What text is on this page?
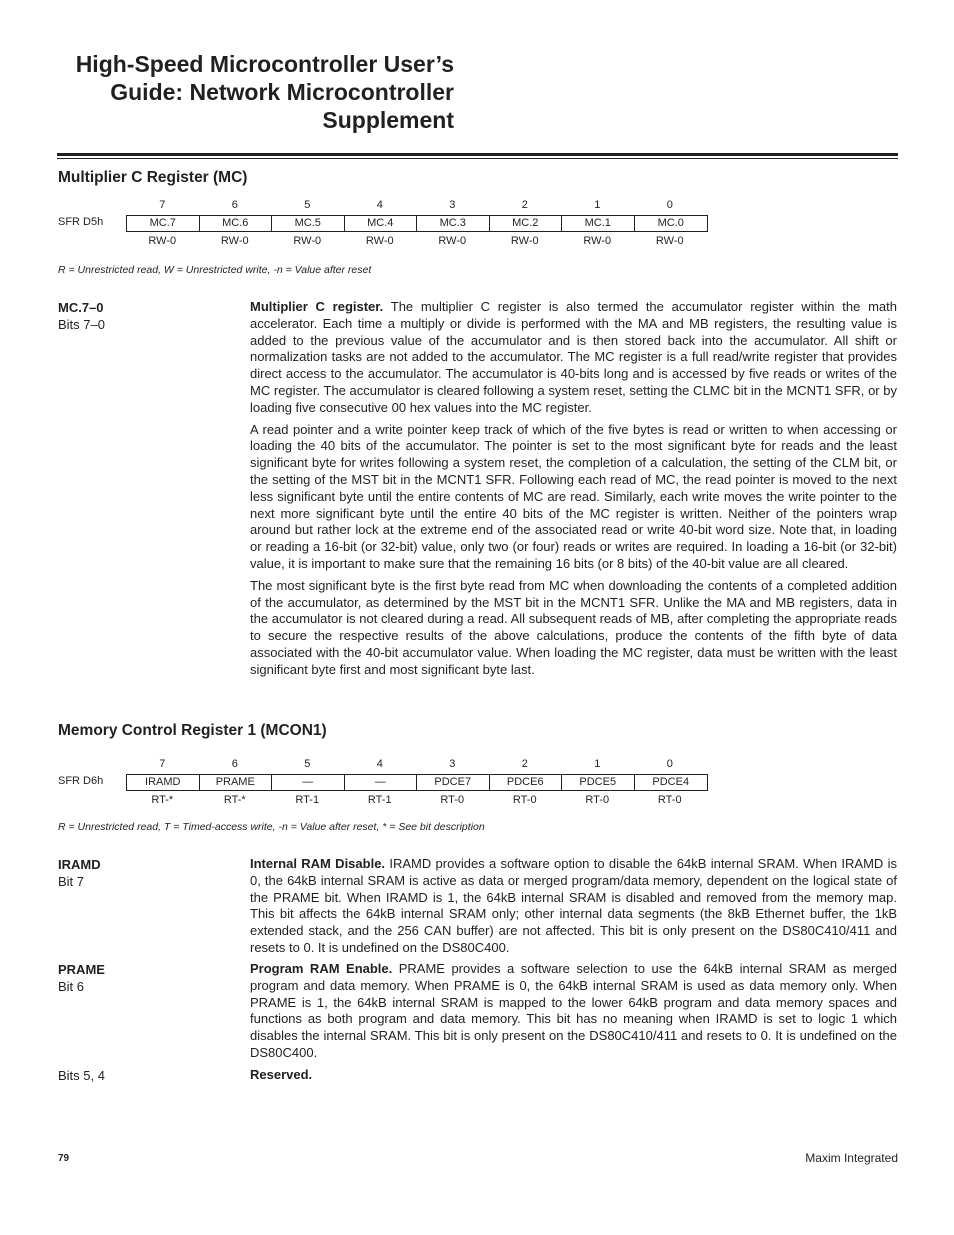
High-Speed Microcontroller User’s
Guide: Network Microcontroller
Supplement
Multiplier C Register (MC)
SFR D5h
7	6	5	4	3	2	1	0
MC.7	MC.6	MC.5	MC.4	MC.3	MC.2	MC.1	MC.0
RW-0	RW-0	RW-0	RW-0	RW-0	RW-0	RW-0	RW-0

R = Unrestricted read, W = Unrestricted write, -n = Value after reset

MC.7–0
Bits 7–0

Multiplier C register. The multiplier C register is also termed the accumulator register within the math accelerator. Each time a multiply or divide is performed with the MA and MB registers, the resulting value is added to the previous value of the accumulator and is then stored back into the accumulator. All shift or normalization tasks are not added to the accumulator. The MC register is a full read/write register that provides direct access to the accumulator. The accumulator is 40-bits long and is accessed by five reads or writes of the MC register. The accumulator is cleared following a system reset, setting the CLMC bit in the MCNT1 SFR, or by loading five consecutive 00 hex values into the MC register.

A read pointer and a write pointer keep track of which of the five bytes is read or written to when accessing or loading the 40 bits of the accumulator. The pointer is set to the most significant byte for reads and the least significant byte for writes following a system reset, the completion of a calculation, the setting of the CLM bit, or the setting of the MST bit in the MCNT1 SFR. Following each read of MC, the read pointer is moved to the next less significant byte until the entire contents of MC are read. Similarly, each write moves the write pointer to the next more significant byte until the entire 40 bits of the MC register is written. Neither of the pointers wrap around but rather lock at the extreme end of the associated read or write 40-bit word size. Note that, in loading or reading a 16-bit (or 32-bit) value, only two (or four) reads or writes are required. In loading a 16-bit (or 32-bit) value, it is important to make sure that the remaining 16 bits (or 8 bits) of the 40-bit value are all cleared.

The most significant byte is the first byte read from MC when downloading the contents of a completed addition of the accumulator, as determined by the MST bit in the MCNT1 SFR. Unlike the MA and MB registers, data in the accumulator is not cleared during a read. All subsequent reads of MB, after completing the appropriate reads to secure the respective results of the above calculations, produce the contents of the fifth byte of data associated with the 40-bit accumulator value. When loading the MC register, data must be written with the least significant byte first and most significant byte last.

Memory Control Register 1 (MCON1)
SFR D6h
7	6	5	4	3	2	1	0
IRAMD	PRAME	—	—	PDCE7	PDCE6	PDCE5	PDCE4
RT-*	RT-*	RT-1	RT-1	RT-0	RT-0	RT-0	RT-0

R = Unrestricted read, T = Timed-access write, -n = Value after reset, * = See bit description

IRAMD
Bit 7

Internal RAM Disable. IRAMD provides a software option to disable the 64kB internal SRAM. When IRAMD is 0, the 64kB internal SRAM is active as data or merged program/data memory, dependent on the logical state of the PRAME bit. When IRAMD is 1, the 64kB internal SRAM is disabled and removed from the memory map. This bit affects the 64kB internal SRAM only; other internal data segments (the 8kB Ethernet buffer, the 1kB extended stack, and the 256 CAN buffer) are not affected. This bit is only present on the DS80C410/411 and resets to 0. It is undefined on the DS80C400.

PRAME
Bit 6

Program RAM Enable. PRAME provides a software selection to use the 64kB internal SRAM as merged program and data memory. When PRAME is 0, the 64kB internal SRAM is used as data memory only. When PRAME is 1, the 64kB internal SRAM is mapped to the lower 64kB program and data memory spaces and functions as both program and data memory. This bit has no meaning when IRAMD is set to logic 1 which disables the internal SRAM. This bit is only present on the DS80C410/411 and resets to 0. It is undefined on the DS80C400.

Bits 5, 4	Reserved.

79	Maxim Integrated
